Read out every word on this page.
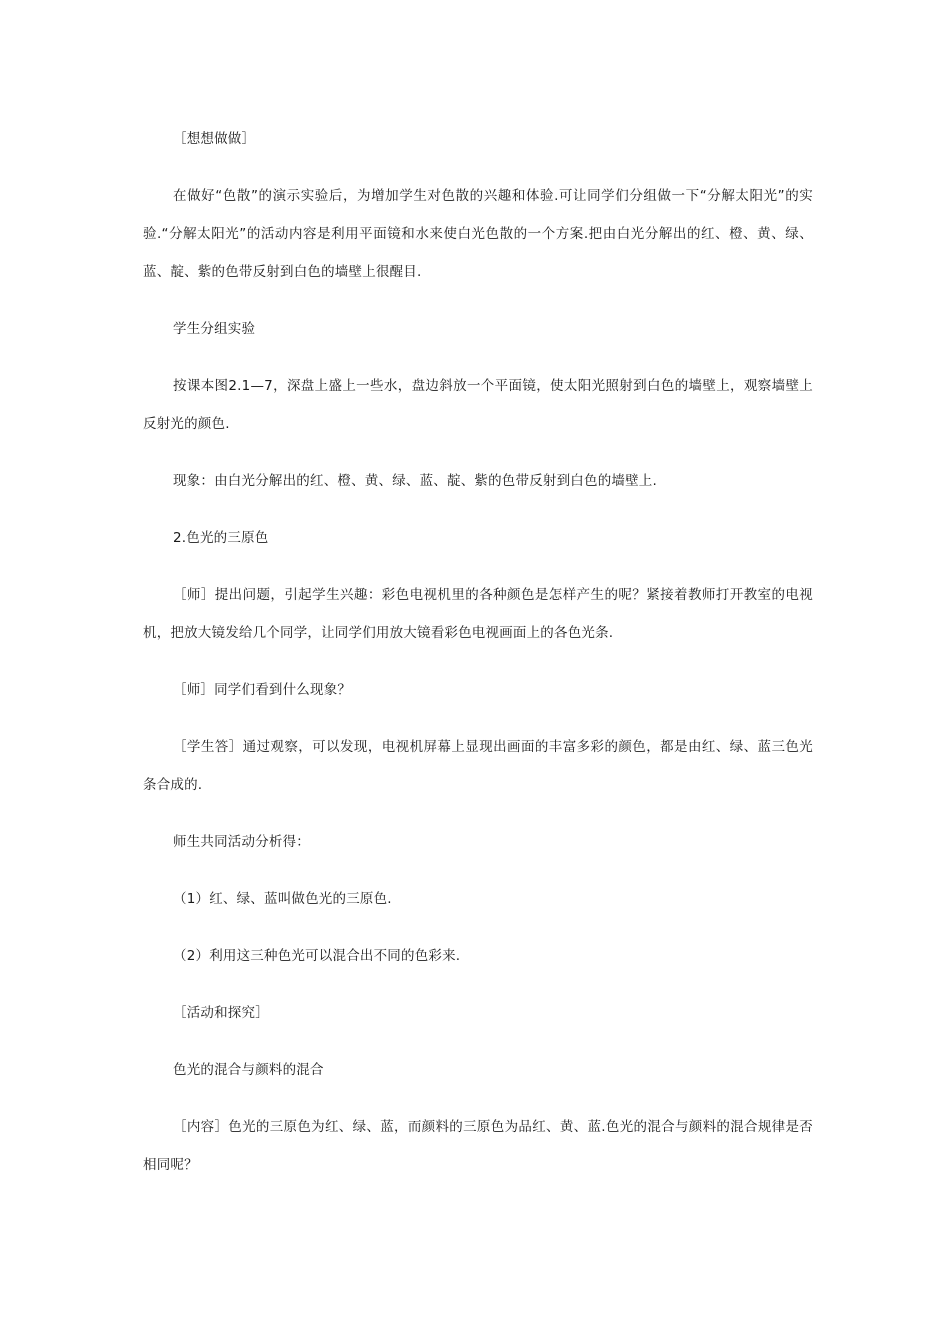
［想想做做］

在做好“色散”的演示实验后，为增加学生对色散的兴趣和体验.可让同学们分组做一下“分解太阳光”的实验.“分解太阳光”的活动内容是利用平面镜和水来使白光色散的一个方案.把由白光分解出的红、橙、黄、绿、蓝、靛、紫的色带反射到白色的墙壁上很醒目.

学生分组实验

按课本图2.1—7，深盘上盛上一些水，盘边斜放一个平面镜，使太阳光照射到白色的墙壁上，观察墙壁上反射光的颜色.

现象：由白光分解出的红、橙、黄、绿、蓝、靛、紫的色带反射到白色的墙壁上.

2.色光的三原色

［师］提出问题，引起学生兴趣：彩色电视机里的各种颜色是怎样产生的呢？紧接着教师打开教室的电视机，把放大镜发给几个同学，让同学们用放大镜看彩色电视画面上的各色光条.

［师］同学们看到什么现象？

［学生答］通过观察，可以发现，电视机屏幕上显现出画面的丰富多彩的颜色，都是由红、绿、蓝三色光条合成的.

师生共同活动分析得：

（1）红、绿、蓝叫做色光的三原色.

（2）利用这三种色光可以混合出不同的色彩来.

［活动和探究］

色光的混合与颜料的混合

［内容］色光的三原色为红、绿、蓝，而颜料的三原色为品红、黄、蓝.色光的混合与颜料的混合规律是否相同呢？
